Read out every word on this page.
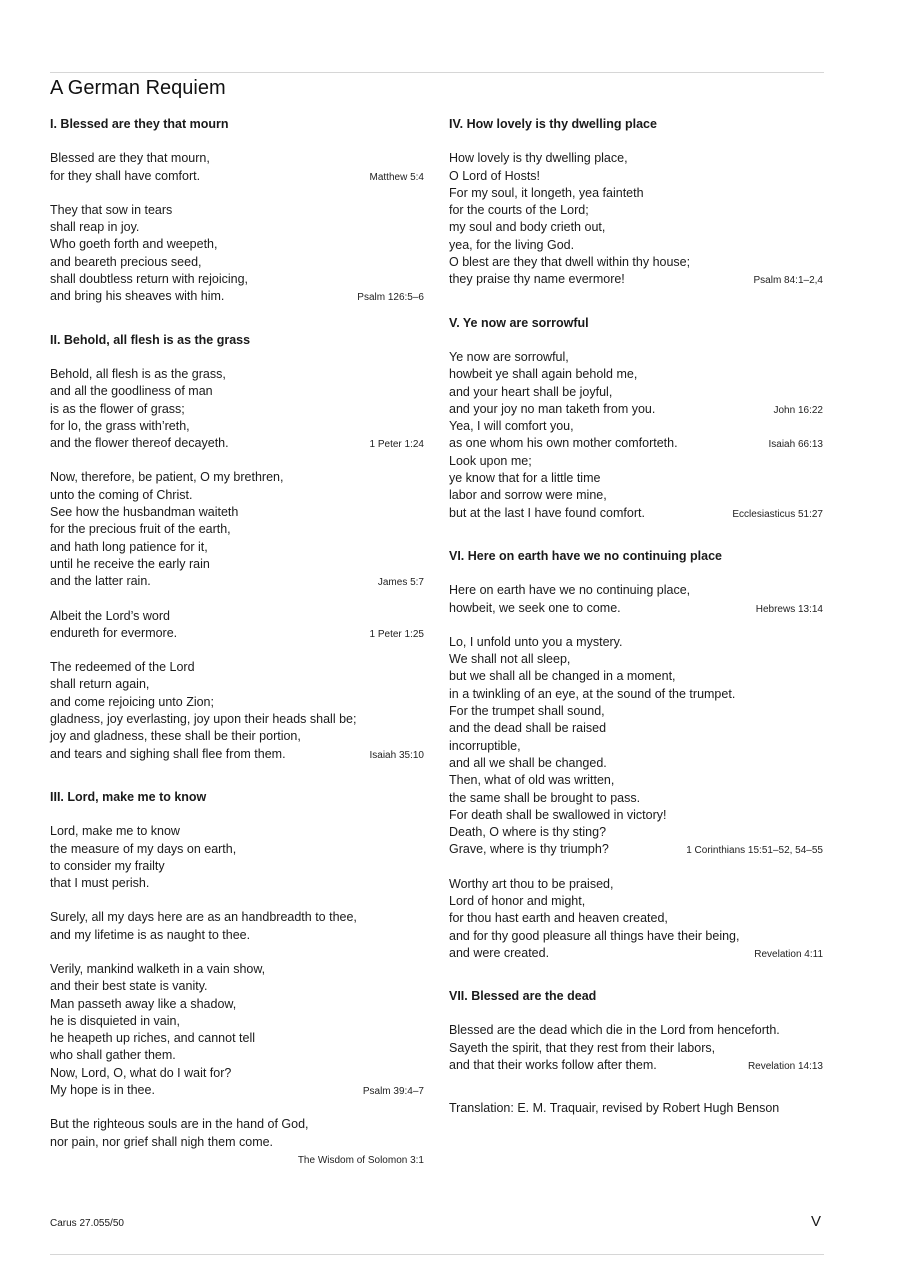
A German Requiem
I. Blessed are they that mourn
Blessed are they that mourn,
for they shall have comfort.	Matthew 5:4
They that sow in tears
shall reap in joy.
Who goeth forth and weepeth,
and beareth precious seed,
shall doubtless return with rejoicing,
and bring his sheaves with him.	Psalm 126:5–6
II. Behold, all flesh is as the grass
Behold, all flesh is as the grass,
and all the goodliness of man
is as the flower of grass;
for lo, the grass with’reth,
and the flower thereof decayeth.	1 Peter 1:24
Now, therefore, be patient, O my brethren,
unto the coming of Christ.
See how the husbandman waiteth
for the precious fruit of the earth,
and hath long patience for it,
until he receive the early rain
and the latter rain.	James 5:7
Albeit the Lord’s word
endureth for evermore.	1 Peter 1:25
The redeemed of the Lord
shall return again,
and come rejoicing unto Zion;
gladness, joy everlasting, joy upon their heads shall be;
joy and gladness, these shall be their portion,
and tears and sighing shall flee from them.	Isaiah 35:10
III. Lord, make me to know
Lord, make me to know
the measure of my days on earth,
to consider my frailty
that I must perish.
Surely, all my days here are as an handbreadth to thee,
and my lifetime is as naught to thee.
Verily, mankind walketh in a vain show,
and their best state is vanity.
Man passeth away like a shadow,
he is disquieted in vain,
he heapeth up riches, and cannot tell
who shall gather them.
Now, Lord, O, what do I wait for?
My hope is in thee.	Psalm 39:4–7
But the righteous souls are in the hand of God,
nor pain, nor grief shall nigh them come.
The Wisdom of Solomon 3:1
IV. How lovely is thy dwelling place
How lovely is thy dwelling place,
O Lord of Hosts!
For my soul, it longeth, yea fainteth
for the courts of the Lord;
my soul and body crieth out,
yea, for the living God.
O blest are they that dwell within thy house;
they praise thy name evermore!	Psalm 84:1–2,4
V. Ye now are sorrowful
Ye now are sorrowful,
howbeit ye shall again behold me,
and your heart shall be joyful,
and your joy no man taketh from you.	John 16:22
Yea, I will comfort you,
as one whom his own mother comforteth.	Isaiah 66:13
Look upon me;
ye know that for a little time
labor and sorrow were mine,
but at the last I have found comfort.	Ecclesiasticus 51:27
VI. Here on earth have we no continuing place
Here on earth have we no continuing place,
howbeit, we seek one to come.	Hebrews 13:14
Lo, I unfold unto you a mystery.
We shall not all sleep,
but we shall all be changed in a moment,
in a twinkling of an eye, at the sound of the trumpet.
For the trumpet shall sound,
and the dead shall be raised
incorruptible,
and all we shall be changed.
Then, what of old was written,
the same shall be brought to pass.
For death shall be swallowed in victory!
Death, O where is thy sting?
Grave, where is thy triumph?	1 Corinthians 15:51–52, 54–55
Worthy art thou to be praised,
Lord of honor and might,
for thou hast earth and heaven created,
and for thy good pleasure all things have their being,
and were created.	Revelation 4:11
VII. Blessed are the dead
Blessed are the dead which die in the Lord from henceforth.
Sayeth the spirit, that they rest from their labors,
and that their works follow after them.	Revelation 14:13
Translation: E. M. Traquair, revised by Robert Hugh Benson
Carus 27.055/50	V
